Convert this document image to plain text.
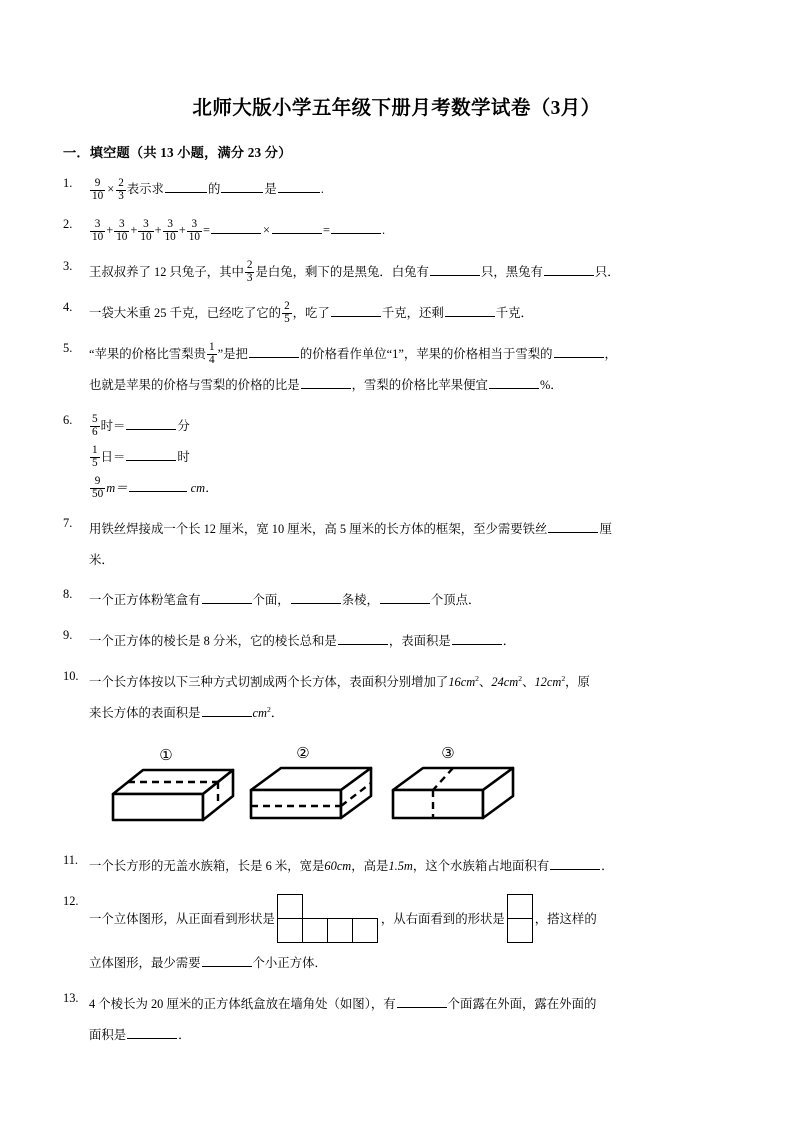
北师大版小学五年级下册月考数学试卷（3月）
一．填空题（共 13 小题，满分 23 分）
1.	$\frac{9}{10} \times \frac{2}{3}$ 表示求	的	是	.
2.	$\frac{3}{10} + \frac{3}{10} + \frac{3}{10} + \frac{3}{10} + \frac{3}{10}$ =	×	=	.
3.	王叔叔养了 12 只兔子，其中 $\frac{2}{3}$ 是白兔，剩下的是黑兔．白兔有	只，黑兔有	只．
4.	一袋大米重 25 千克，已经吃了它的 $\frac{2}{5}$ ，吃了	千克，还剩	千克．
5.	“苹果的价格比雪梨贵 $\frac{1}{4}$ ”是把	的价格看作单位“1”，苹果的价格相当于雪梨的	，
也就是苹果的价格与雪梨的价格的比是	，雪梨的价格比苹果便宜	%．
6.	$\frac{5}{6}$ 时＝	分
$\frac{1}{5}$ 日＝	时
$\frac{9}{50} m=$	cm．
7.	用铁丝焊接成一个长 12 厘米，宽 10 厘米，高 5 厘米的长方体的框架，至少需要铁丝	厘
米．
8.	一个正方体粉笔盒有	个面，	条棱，	个顶点．
9.	一个正方体的棱长是 8 分米，它的棱长总和是	，表面积是	．
10. 一个长方体按以下三种方式切割成两个长方体，表面积分别增加了$16cm^2$、$24cm^2$、$12cm^2$，原
来长方体的表面积是	$cm^2$．
①	②	③
11. 一个长方形的无盖水族箱，长是 6 米，宽是60cm，高是1.5m，这个水族箱占地面积有	．
12.
一个立体图形，从正面看到形状是	，从右面看到的形状是 ，搭这样的
立体图形，最少需要	个小正方体．
13. 4 个棱长为 20 厘米的正方体纸盒放在墙角处（如图），有	个面露在外面，露在外面的
面积是	．
